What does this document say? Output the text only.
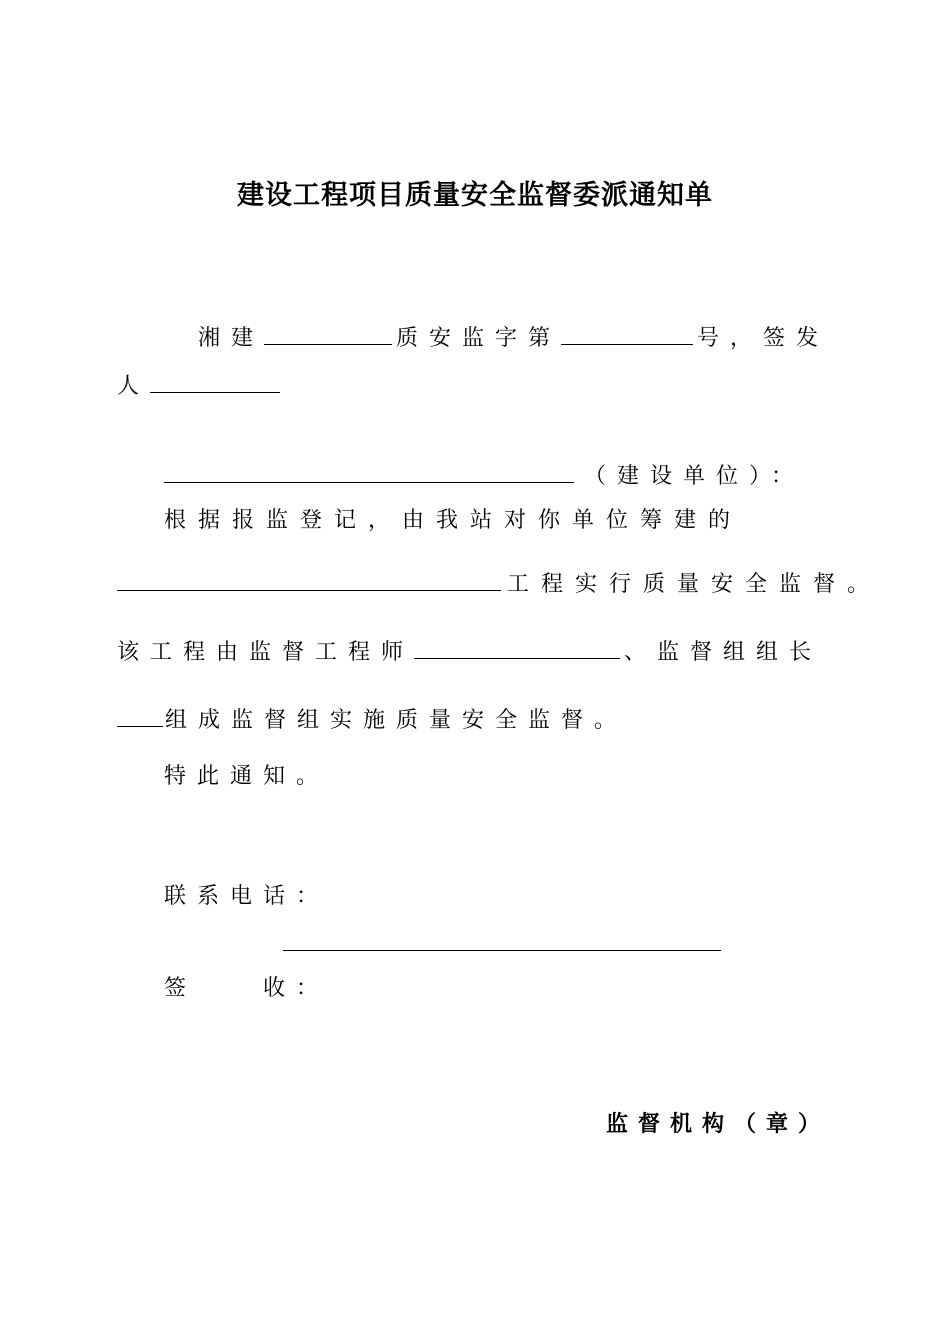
建设工程项目质量安全监督委派通知单
湘建	质安监字第	号，签发
人
（建设单位）：
根据报监登记，由我站对你单位筹建的
工程实行质量安全监督。
该工程由监督工程师	、监督组组长
组成监督组实施质量安全监督。
特此通知。
联系电话：
签	收：
监督机构（章）
